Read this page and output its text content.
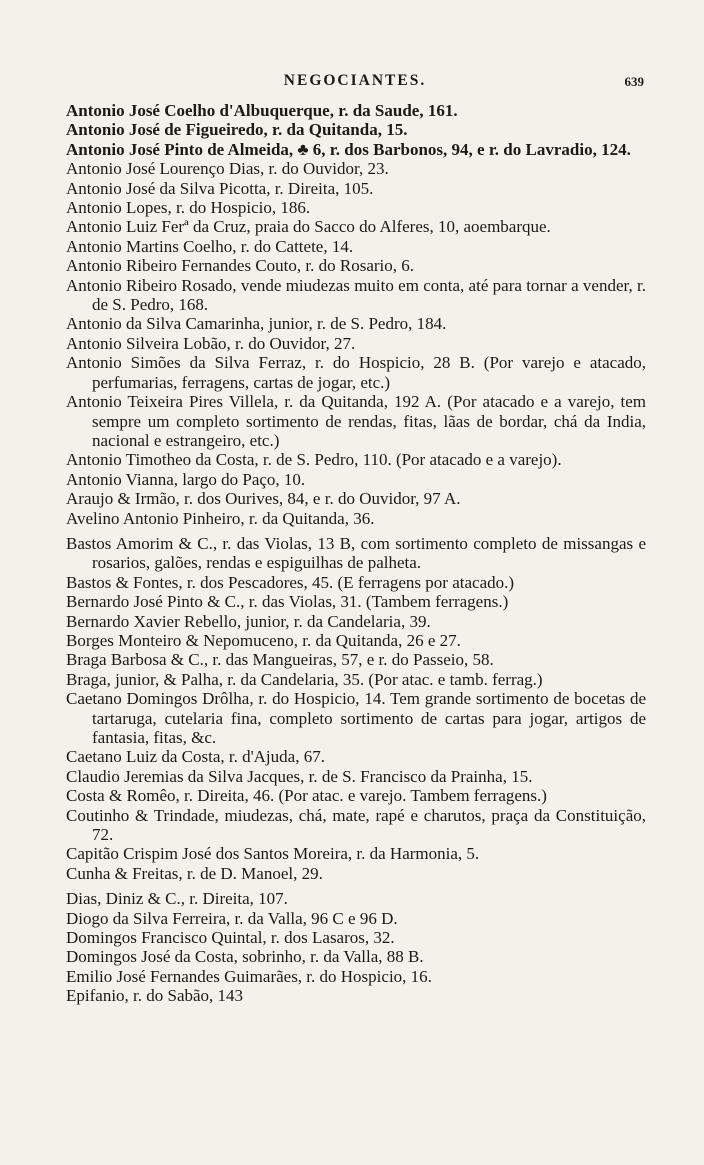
NEGOCIANTES.	639
Antonio José Coelho d'Albuquerque, r. da Saude, 161.
Antonio José de Figueiredo, r. da Quitanda, 15.
Antonio José Pinto de Almeida, ♣ 6, r. dos Barbonos, 94, e r. do Lavradio, 124.
Antonio José Lourenço Dias, r. do Ouvidor, 23.
Antonio José da Silva Picotta, r. Direita, 105.
Antonio Lopes, r. do Hospicio, 186.
Antonio Luiz Ferª da Cruz, praia do Sacco do Alferes, 10, aoembarque.
Antonio Martins Coelho, r. do Cattete, 14.
Antonio Ribeiro Fernandes Couto, r. do Rosario, 6.
Antonio Ribeiro Rosado, vende miudezas muito em conta, até para tornar a vender, r. de S. Pedro, 168.
Antonio da Silva Camarinha, junior, r. de S. Pedro, 184.
Antonio Silveira Lobão, r. do Ouvidor, 27.
Antonio Simões da Silva Ferraz, r. do Hospicio, 28 B. (Por varejo e atacado, perfumarias, ferragens, cartas de jogar, etc.)
Antonio Teixeira Pires Villela, r. da Quitanda, 192 A. (Por atacado e a varejo, tem sempre um completo sortimento de rendas, fitas, lãas de bordar, chá da India, nacional e estrangeiro, etc.)
Antonio Timotheo da Costa, r. de S. Pedro, 110. (Por atacado e a varejo).
Antonio Vianna, largo do Paço, 10.
Araujo & Irmão, r. dos Ourives, 84, e r. do Ouvidor, 97 A.
Avelino Antonio Pinheiro, r. da Quitanda, 36.
Bastos Amorim & C., r. das Violas, 13 B, com sortimento completo de missangas e rosarios, galões, rendas e espiguilhas de palheta.
Bastos & Fontes, r. dos Pescadores, 45. (E ferragens por atacado.)
Bernardo José Pinto & C., r. das Violas, 31. (Tambem ferragens.)
Bernardo Xavier Rebello, junior, r. da Candelaria, 39.
Borges Monteiro & Nepomuceno, r. da Quitanda, 26 e 27.
Braga Barbosa & C., r. das Mangueiras, 57, e r. do Passeio, 58.
Braga, junior, & Palha, r. da Candelaria, 35. (Por atac. e tamb. ferrag.)
Caetano Domingos Drôlha, r. do Hospicio, 14. Tem grande sortimento de bocetas de tartaruga, cutelaria fina, completo sortimento de cartas para jogar, artigos de fantasia, fitas, &c.
Caetano Luiz da Costa, r. d'Ajuda, 67.
Claudio Jeremias da Silva Jacques, r. de S. Francisco da Prainha, 15.
Costa & Romêo, r. Direita, 46. (Por atac. e varejo. Tambem ferragens.)
Coutinho & Trindade, miudezas, chá, mate, rapé e charutos, praça da Constituição, 72.
Capitão Crispim José dos Santos Moreira, r. da Harmonia, 5.
Cunha & Freitas, r. de D. Manoel, 29.
Dias, Diniz & C., r. Direita, 107.
Diogo da Silva Ferreira, r. da Valla, 96 C e 96 D.
Domingos Francisco Quintal, r. dos Lasaros, 32.
Domingos José da Costa, sobrinho, r. da Valla, 88 B.
Emilio José Fernandes Guimarães, r. do Hospicio, 16.
Epifanio, r. do Sabão, 143
